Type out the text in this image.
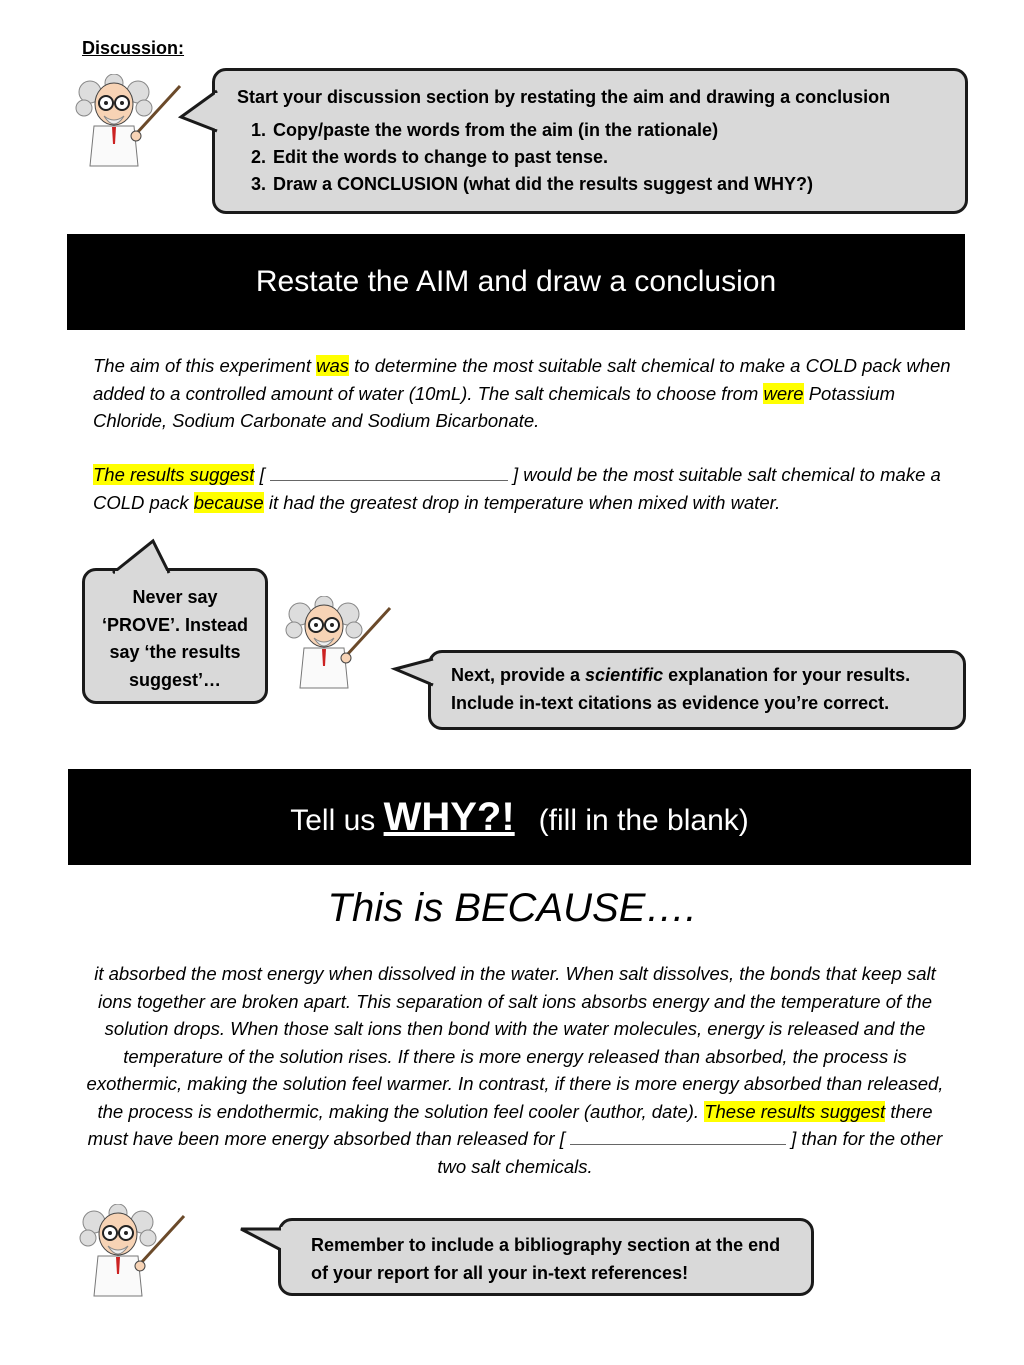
Discussion:
Start your discussion section by restating the aim and drawing a conclusion
1. Copy/paste the words from the aim (in the rationale)
2. Edit the words to change to past tense.
3. Draw a CONCLUSION (what did the results suggest and WHY?)
Restate the AIM and draw a conclusion
The aim of this experiment was to determine the most suitable salt chemical to make a COLD pack when added to a controlled amount of water (10mL). The salt chemicals to choose from were Potassium Chloride, Sodium Carbonate and Sodium Bicarbonate.
The results suggest [	] would be the most suitable salt chemical to make a COLD pack because it had the greatest drop in temperature when mixed with water.
Never say ‘PROVE’. Instead say ‘the results suggest’…	Next, provide a scientific explanation for your results.
Include in-text citations as evidence you’re correct.
Tell us WHY?! (fill in the blank)
This is BECAUSE….
it absorbed the most energy when dissolved in the water. When salt dissolves, the bonds that keep salt ions together are broken apart. This separation of salt ions absorbs energy and the temperature of the solution drops. When those salt ions then bond with the water molecules, energy is released and the temperature of the solution rises. If there is more energy released than absorbed, the process is exothermic, making the solution feel warmer. In contrast, if there is more energy absorbed than released, the process is endothermic, making the solution feel cooler (author, date). These results suggest there must have been more energy absorbed than released for [	] than for the other two salt chemicals.
Remember to include a bibliography section at the end of your report for all your in-text references!
